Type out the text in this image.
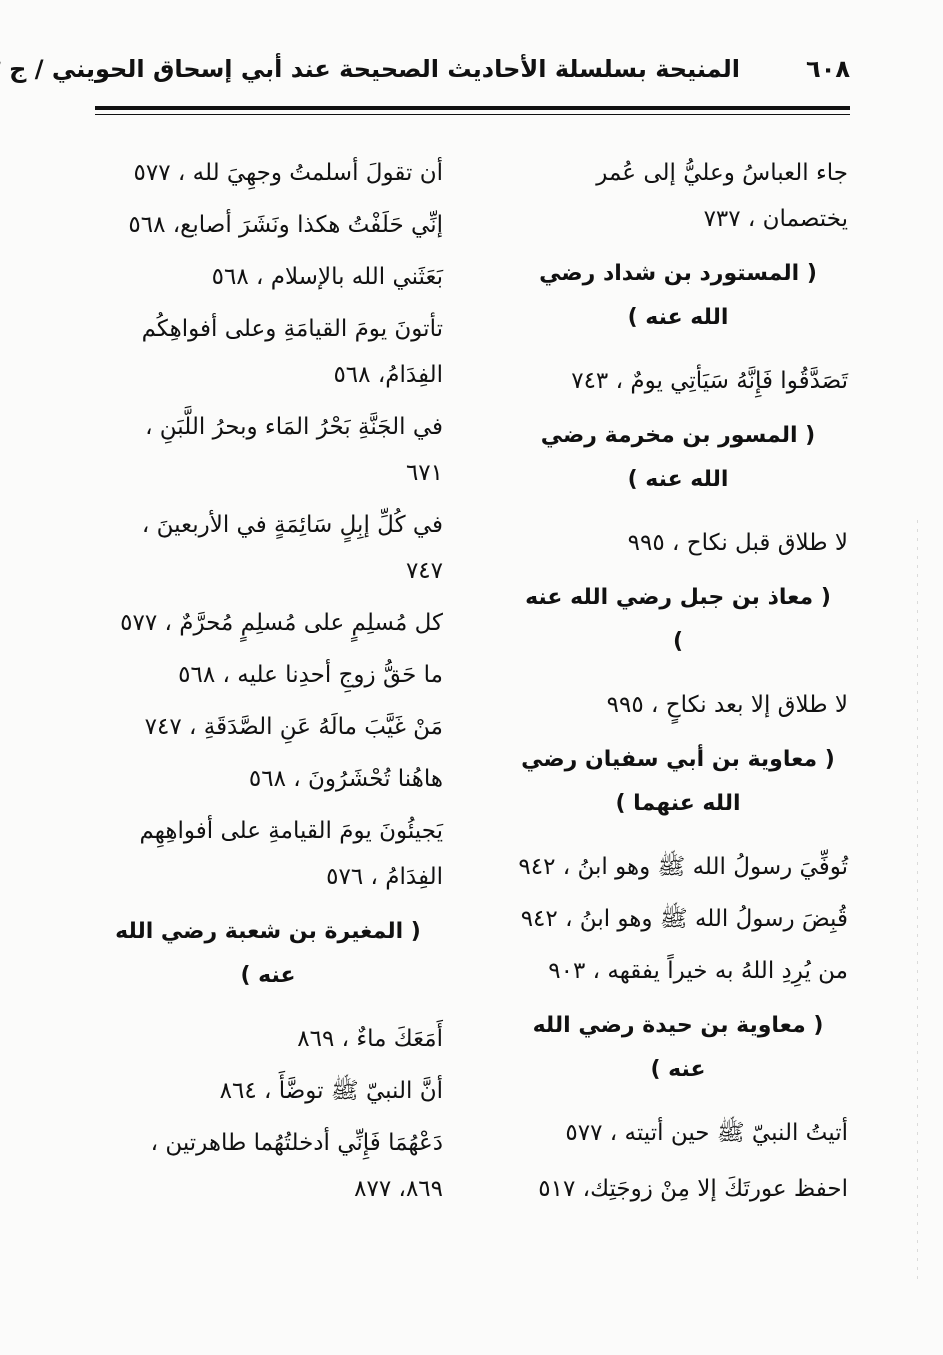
٦٠٨
المنيحة بسلسلة الأحاديث الصحيحة عند أبي إسحاق الحويني / ج
جاء العباسُ وعليُّ إلى عُمر يختصمان ، ٧٣٧
( المستورد بن شداد رضي الله عنه )
تَصَدَّقُوا فَإِنَّهُ سَيَأتِي يومٌ ، ٧٤٣
( المسور بن مخرمة رضي الله عنه )
لا طلاق قبل نكاح ، ٩٩٥
( معاذ بن جبل رضي الله عنه )
لا طلاق إلا بعد نكاحٍ ، ٩٩٥
( معاوية بن أبي سفيان رضي الله عنهما )
تُوفِّيَ رسولُ الله ﷺ وهو ابنُ ، ٩٤٢
قُبِضَ رسولُ الله ﷺ وهو ابنُ ، ٩٤٢
من يُرِدِ اللهُ به خيراً يفقهه ، ٩٠٣
( معاوية بن حيدة رضي الله عنه )
أتيتُ النبيّ ﷺ حين أتيته ، ٥٧٧
احفظ عورتَكَ إلا مِنْ زوجَتِك، ٥١٧
أن تقولَ أسلمتُ وجهِيَ لله ، ٥٧٧
إنِّي حَلَفْتُ هكذا ونَشَرَ أصابع، ٥٦٨
بَعَثَني الله بالإسلام ، ٥٦٨
تأتونَ يومَ القيامَةِ وعلى أفواهِكُم الفِدَامُ، ٥٦٨
في الجَنَّةِ بَحْرُ المَاء وبحرُ اللَّبَنِ ، ٦٧١
في كُلِّ إبِلٍ سَائِمَةٍ في الأربعينَ ، ٧٤٧
كل مُسلِمٍ على مُسلِمٍ مُحرَّمٌ ، ٥٧٧
ما حَقُّ زوجِ أحدِنا عليه ، ٥٦٨
مَنْ غَيَّبَ مالَهُ عَنِ الصَّدَقَةِ ، ٧٤٧
هاهُنا تُحْشَرُونَ ، ٥٦٨
يَجيئُونَ يومَ القيامةِ على أفواهِهِم الفِدَامُ ، ٥٧٦
( المغيرة بن شعبة رضي الله عنه )
أَمَعَكَ ماءٌ ، ٨٦٩
أنَّ النبيّ ﷺ توضَّأَ ، ٨٦٤
دَعْهُمَا فَإِنِّي أدخلتُهُما طاهرتين ، ٨٦٩، ٨٧٧
